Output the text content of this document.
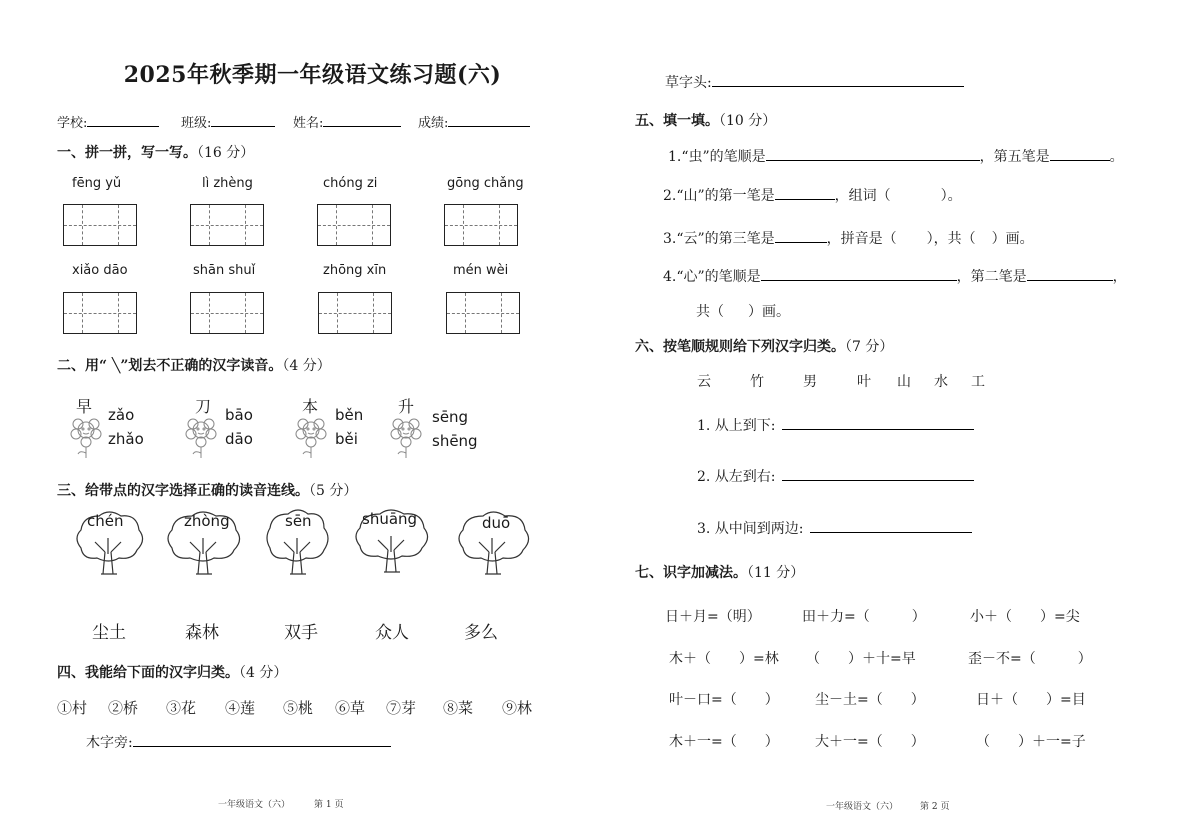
2025年秋季期一年级语文练习题(六)
学校:	班级:	姓名:	成绩:
一、拼一拼，写一写。（16 分）
fēng yǔ	lì zhèng	chóng zi	gōng chǎng
xiǎo dāo	shān shuǐ	zhōng xīn	mén wèi
二、用“ ╲”划去不正确的汉字读音。（4 分）
早 zǎo
zhǎo
刀 bāo
dāo
本 běn
běi
升
sēng
shēng
三、给带点的汉字选择正确的读音连线。（5 分）
chén	zhòng	sēn	shuāng	duō
尘土	森林	双手	众人	多么
四、我能给下面的汉字归类。（4 分）
①村 ②桥 ③花 ④莲 ⑤桃 ⑥草 ⑦芽 ⑧菜 ⑨林
木字旁:
一年级语文（六）	第 1 页
草字头:
五、填一填。（10 分）
1.“虫”的笔顺是	，第五笔是	。
2.“山”的第一笔是	，组词（	）。
3.“云”的第三笔是	，拼音是（ ），共（ ）画。
4.“心”的笔顺是	，第二笔是	，
共（ ）画。
六、按笔顺规则给下列汉字归类。（7 分）
云	竹	男	叶 山 水 工
1. 从上到下:
2. 从左到右:
3. 从中间到两边:
七、识字加减法。（11 分）
日＋月=（明）	田＋力=（　　　）	小＋（　　）=尖
木＋（　　）=林 （　　）＋十=早	歪－不=（　　　）
叶－口=（　　）	尘－土=（　　）	日＋（　　）=目
木＋一=（　　）	大＋一=（　　）	（　　）＋一=子
一年级语文（六） 第 2 页
